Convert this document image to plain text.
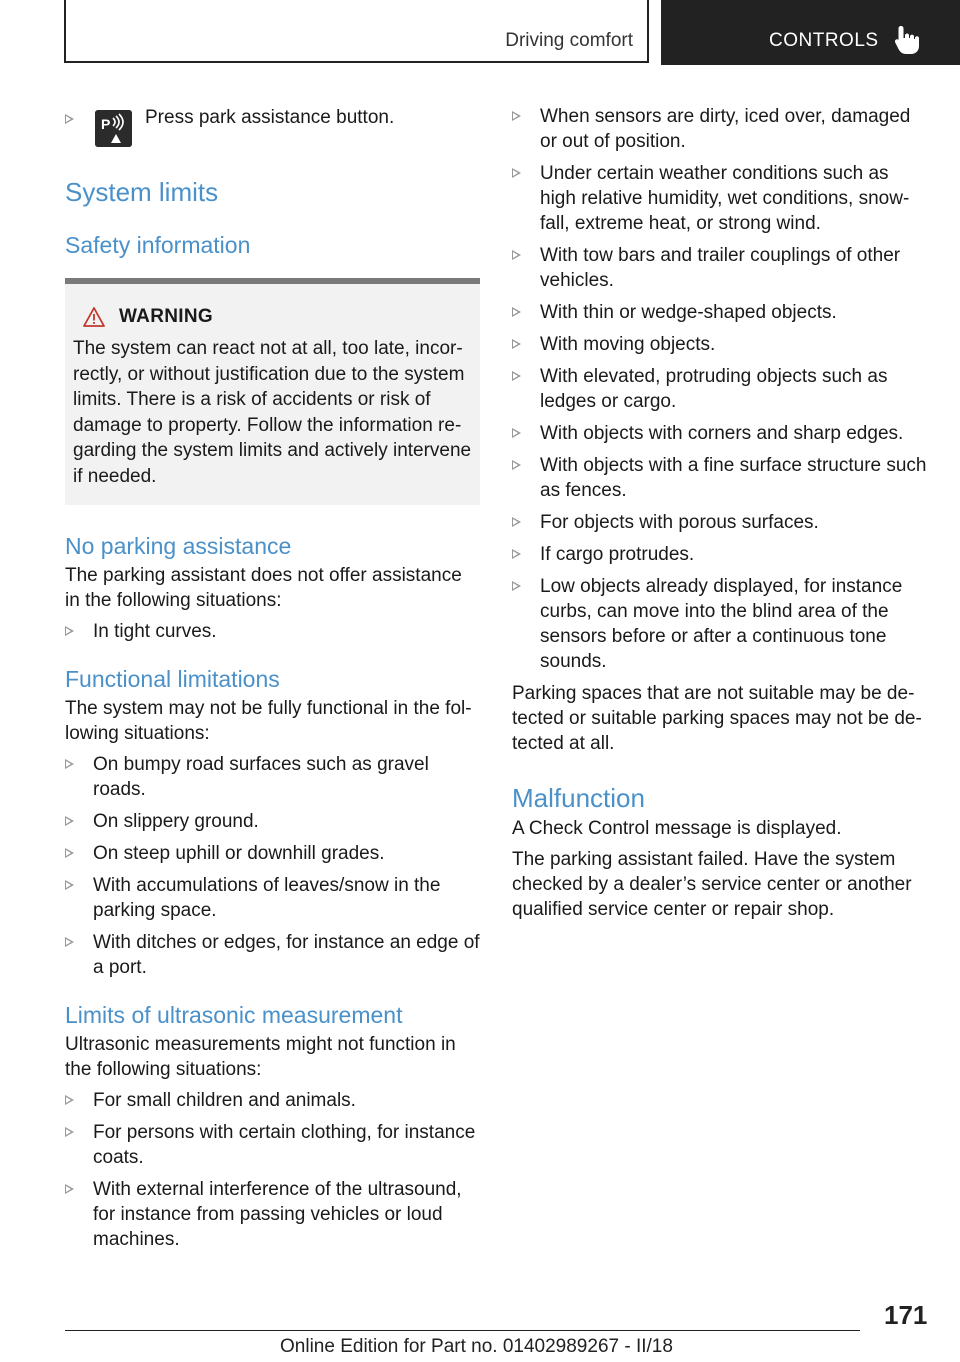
Driving comfort	CONTROLS
P Press park assistance button.
System limits
Safety information
WARNING

The system can react not at all, too late, incorrectly, or without justification due to the system limits. There is a risk of accidents or risk of damage to property. Follow the information regarding the system limits and actively intervene if needed.

No parking assistance

The parking assistant does not offer assistance in the following situations:

In tight curves.
Functional limitations

The system may not be fully functional in the following situations:

On bumpy road surfaces such as gravel roads.
On slippery ground.
On steep uphill or downhill grades.
With accumulations of leaves/snow in the parking space.
With ditches or edges, for instance an edge of a port.
Limits of ultrasonic measurement

Ultrasonic measurements might not function in the following situations:

For small children and animals.
For persons with certain clothing, for instance coats.
With external interference of the ultrasound, for instance from passing vehicles or loud machines.
When sensors are dirty, iced over, damaged or out of position.
Under certain weather conditions such as high relative humidity, wet conditions, snowfall, extreme heat, or strong wind.
With tow bars and trailer couplings of other vehicles.
With thin or wedge-shaped objects.
With moving objects.
With elevated, protruding objects such as ledges or cargo.
With objects with corners and sharp edges.
With objects with a fine surface structure such as fences.
For objects with porous surfaces.
If cargo protrudes.
Low objects already displayed, for instance curbs, can move into the blind area of the sensors before or after a continuous tone sounds.

Parking spaces that are not suitable may be detected or suitable parking spaces may not be detected at all.

Malfunction

A Check Control message is displayed.

The parking assistant failed. Have the system checked by a dealer’s service center or another qualified service center or repair shop.

171
Online Edition for Part no. 01402989267 - II/18
